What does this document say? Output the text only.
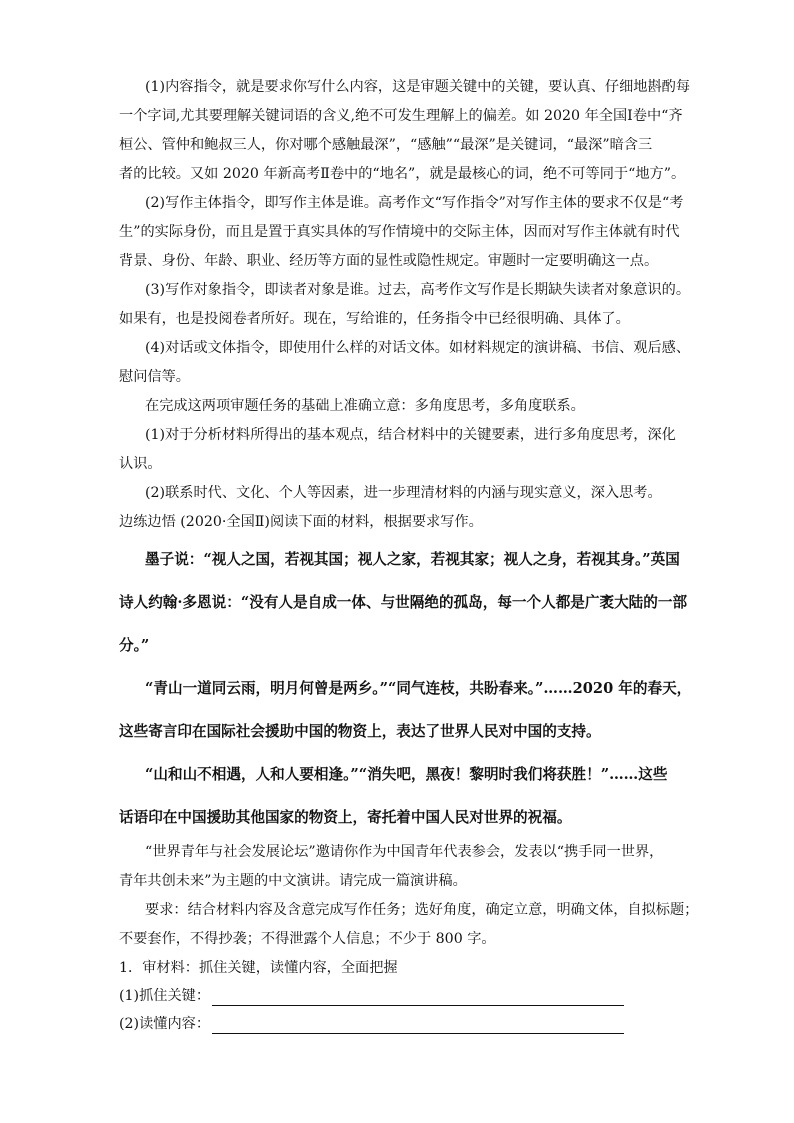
(1)内容指令，就是要求你写什么内容，这是审题关键中的关键，要认真、仔细地斟酌每
一个字词,尤其要理解关键词语的含义,绝不可发生理解上的偏差。如 2020 年全国Ⅰ卷中“齐
桓公、管仲和鲍叔三人，你对哪个感触最深”，“感触”“最深”是关键词，“最深”暗含三
者的比较。又如 2020 年新高考Ⅱ卷中的“地名”，就是最核心的词，绝不可等同于“地方”。
(2)写作主体指令，即写作主体是谁。高考作文“写作指令”对写作主体的要求不仅是“考
生”的实际身份，而且是置于真实具体的写作情境中的交际主体，因而对写作主体就有时代
背景、身份、年龄、职业、经历等方面的显性或隐性规定。审题时一定要明确这一点。
(3)写作对象指令，即读者对象是谁。过去，高考作文写作是长期缺失读者对象意识的。
如果有，也是投阅卷者所好。现在，写给谁的，任务指令中已经很明确、具体了。
(4)对话或文体指令，即使用什么样的对话文体。如材料规定的演讲稿、书信、观后感、
慰问信等。
在完成这两项审题任务的基础上准确立意：多角度思考，多角度联系。
(1)对于分析材料所得出的基本观点，结合材料中的关键要素，进行多角度思考，深化
认识。
(2)联系时代、文化、个人等因素，进一步理清材料的内涵与现实意义，深入思考。
边练边悟 (2020·全国Ⅱ)阅读下面的材料，根据要求写作。
墨子说：“视人之国，若视其国；视人之家，若视其家；视人之身，若视其身。”英国
诗人约翰·多恩说：“没有人是自成一体、与世隔绝的孤岛，每一个人都是广袤大陆的一部
分。”
“青山一道同云雨，明月何曾是两乡。”“同气连枝，共盼春来。”……2020 年的春天，
这些寄言印在国际社会援助中国的物资上，表达了世界人民对中国的支持。
“山和山不相遇，人和人要相逢。”“消失吧，黑夜！黎明时我们将获胜！”……这些
话语印在中国援助其他国家的物资上，寄托着中国人民对世界的祝福。
“世界青年与社会发展论坛”邀请你作为中国青年代表参会，发表以“携手同一世界，
青年共创未来”为主题的中文演讲。请完成一篇演讲稿。
要求：结合材料内容及含意完成写作任务；选好角度，确定立意，明确文体，自拟标题；
不要套作，不得抄袭；不得泄露个人信息；不少于 800 字。
1．审材料：抓住关键，读懂内容，全面把握
(1)抓住关键：
(2)读懂内容：
